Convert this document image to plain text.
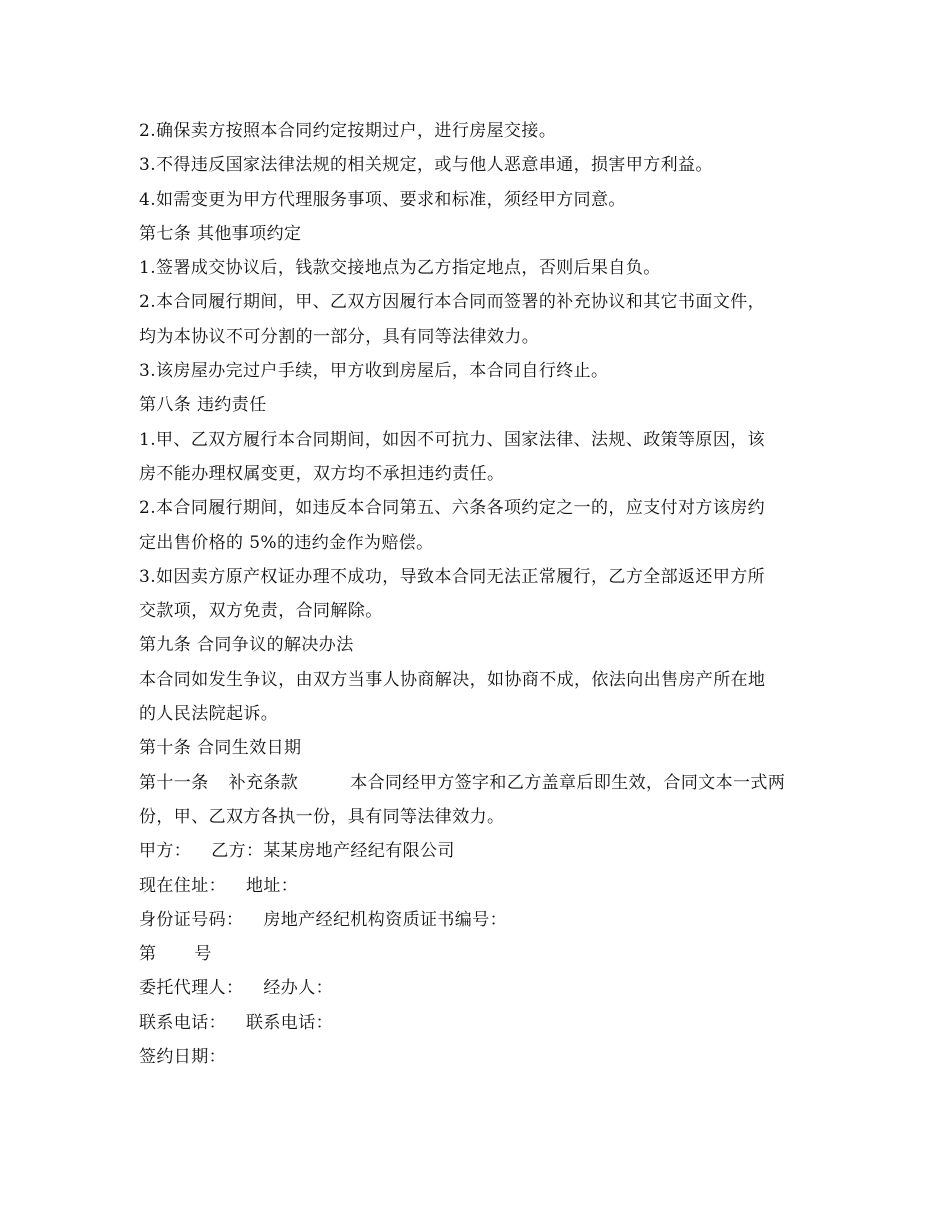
2.确保卖方按照本合同约定按期过户，进行房屋交接。
3.不得违反国家法律法规的相关规定，或与他人恶意串通，损害甲方利益。
4.如需变更为甲方代理服务事项、要求和标准，须经甲方同意。
第七条 其他事项约定
1.签署成交协议后，钱款交接地点为乙方指定地点，否则后果自负。
2.本合同履行期间，甲、乙双方因履行本合同而签署的补充协议和其它书面文件，
均为本协议不可分割的一部分，具有同等法律效力。
3.该房屋办完过户手续，甲方收到房屋后，本合同自行终止。
第八条 违约责任
1.甲、乙双方履行本合同期间，如因不可抗力、国家法律、法规、政策等原因，该
房不能办理权属变更，双方均不承担违约责任。
2.本合同履行期间，如违反本合同第五、六条各项约定之一的，应支付对方该房约
定出售价格的 5%的违约金作为赔偿。
3.如因卖方原产权证办理不成功，导致本合同无法正常履行，乙方全部返还甲方所
交款项，双方免责，合同解除。
第九条 合同争议的解决办法
本合同如发生争议，由双方当事人协商解决，如协商不成，依法向出售房产所在地
的人民法院起诉。
第十条 合同生效日期
第十一条 补充条款	本合同经甲方签字和乙方盖章后即生效，合同文本一式两
份，甲、乙双方各执一份，具有同等法律效力。
甲方： 乙方：某某房地产经纪有限公司
现在住址： 地址：
身份证号码： 房地产经纪机构资质证书编号：
第 号
委托代理人： 经办人：
联系电话： 联系电话：
签约日期：
